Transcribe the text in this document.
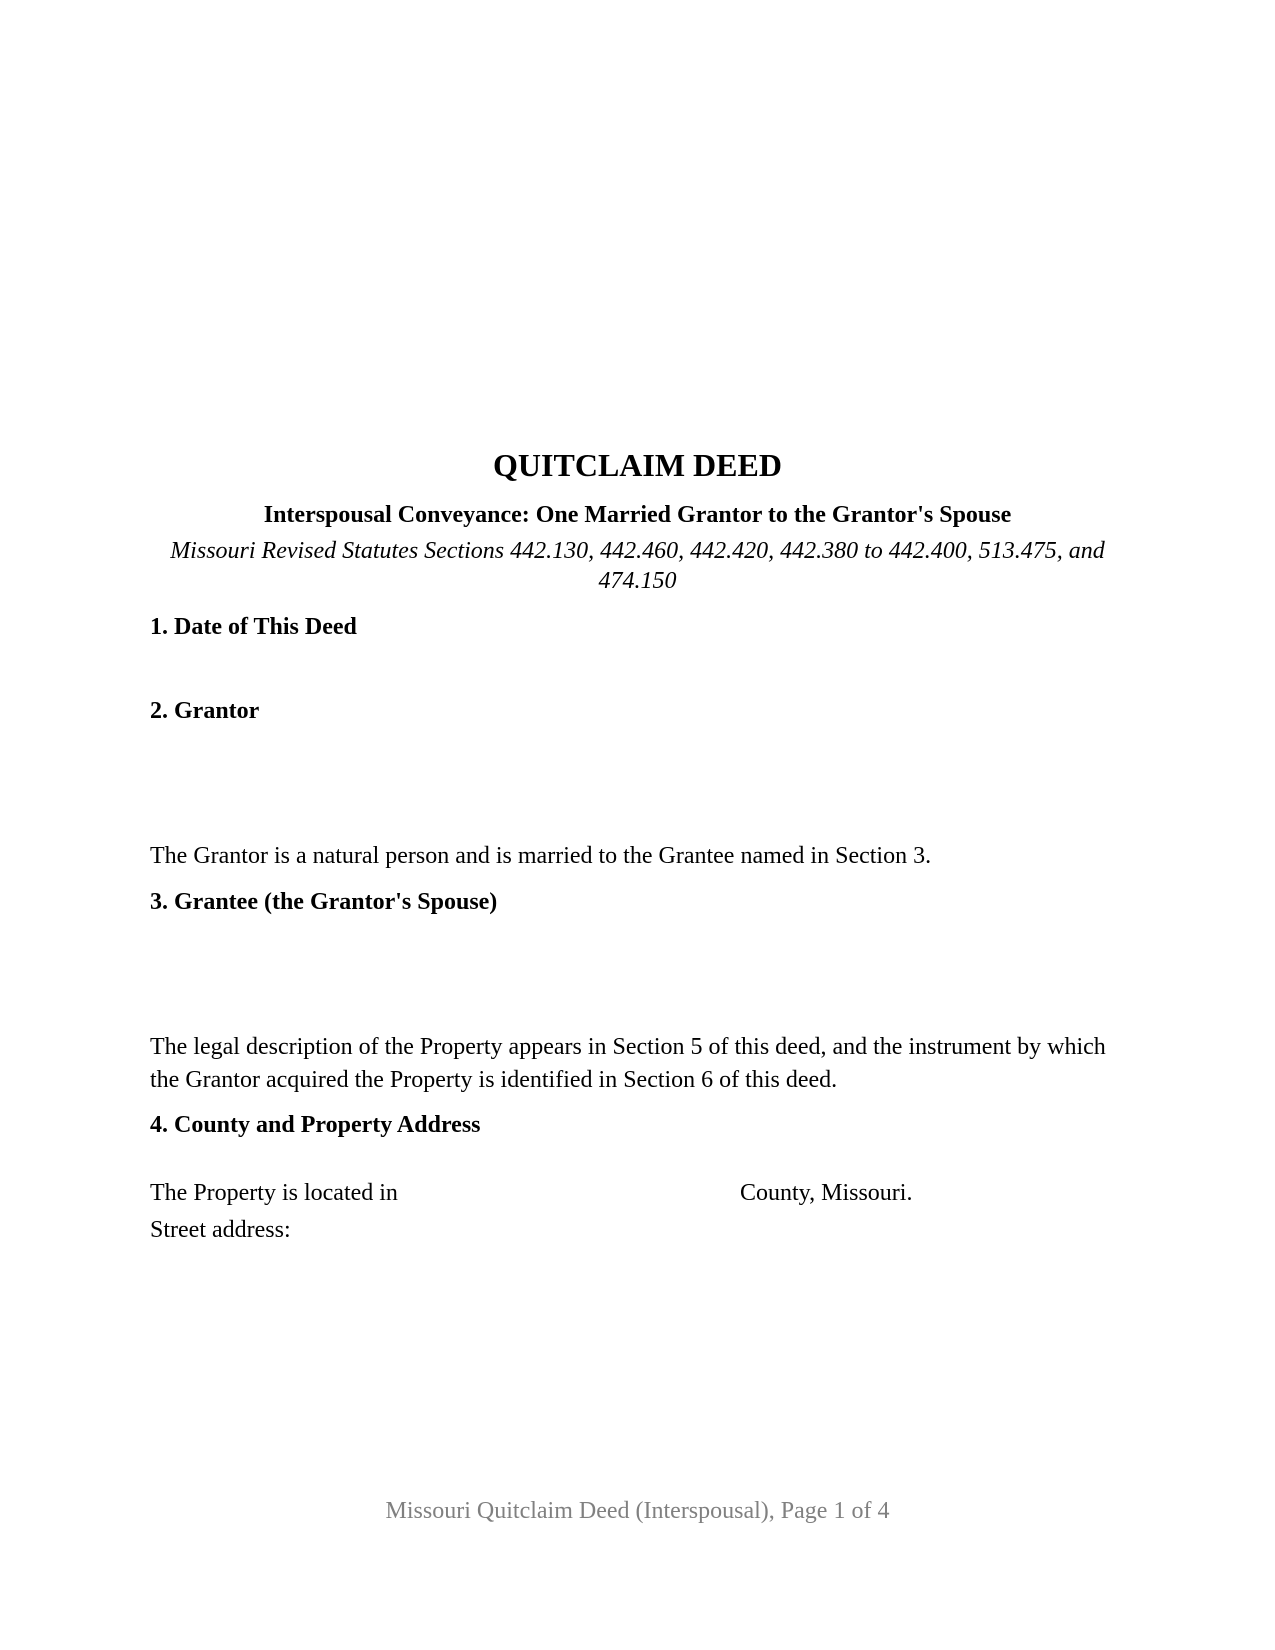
QUITCLAIM DEED
Interspousal Conveyance: One Married Grantor to the Grantor's Spouse
Missouri Revised Statutes Sections 442.130, 442.460, 442.420, 442.380 to 442.400, 513.475, and 474.150
1. Date of This Deed
2. Grantor
The Grantor is a natural person and is married to the Grantee named in Section 3.
3. Grantee (the Grantor's Spouse)
The legal description of the Property appears in Section 5 of this deed, and the instrument by which the Grantor acquired the Property is identified in Section 6 of this deed.
4. County and Property Address
The Property is located in	County, Missouri.
Street address:
Missouri Quitclaim Deed (Interspousal), Page 1 of 4
